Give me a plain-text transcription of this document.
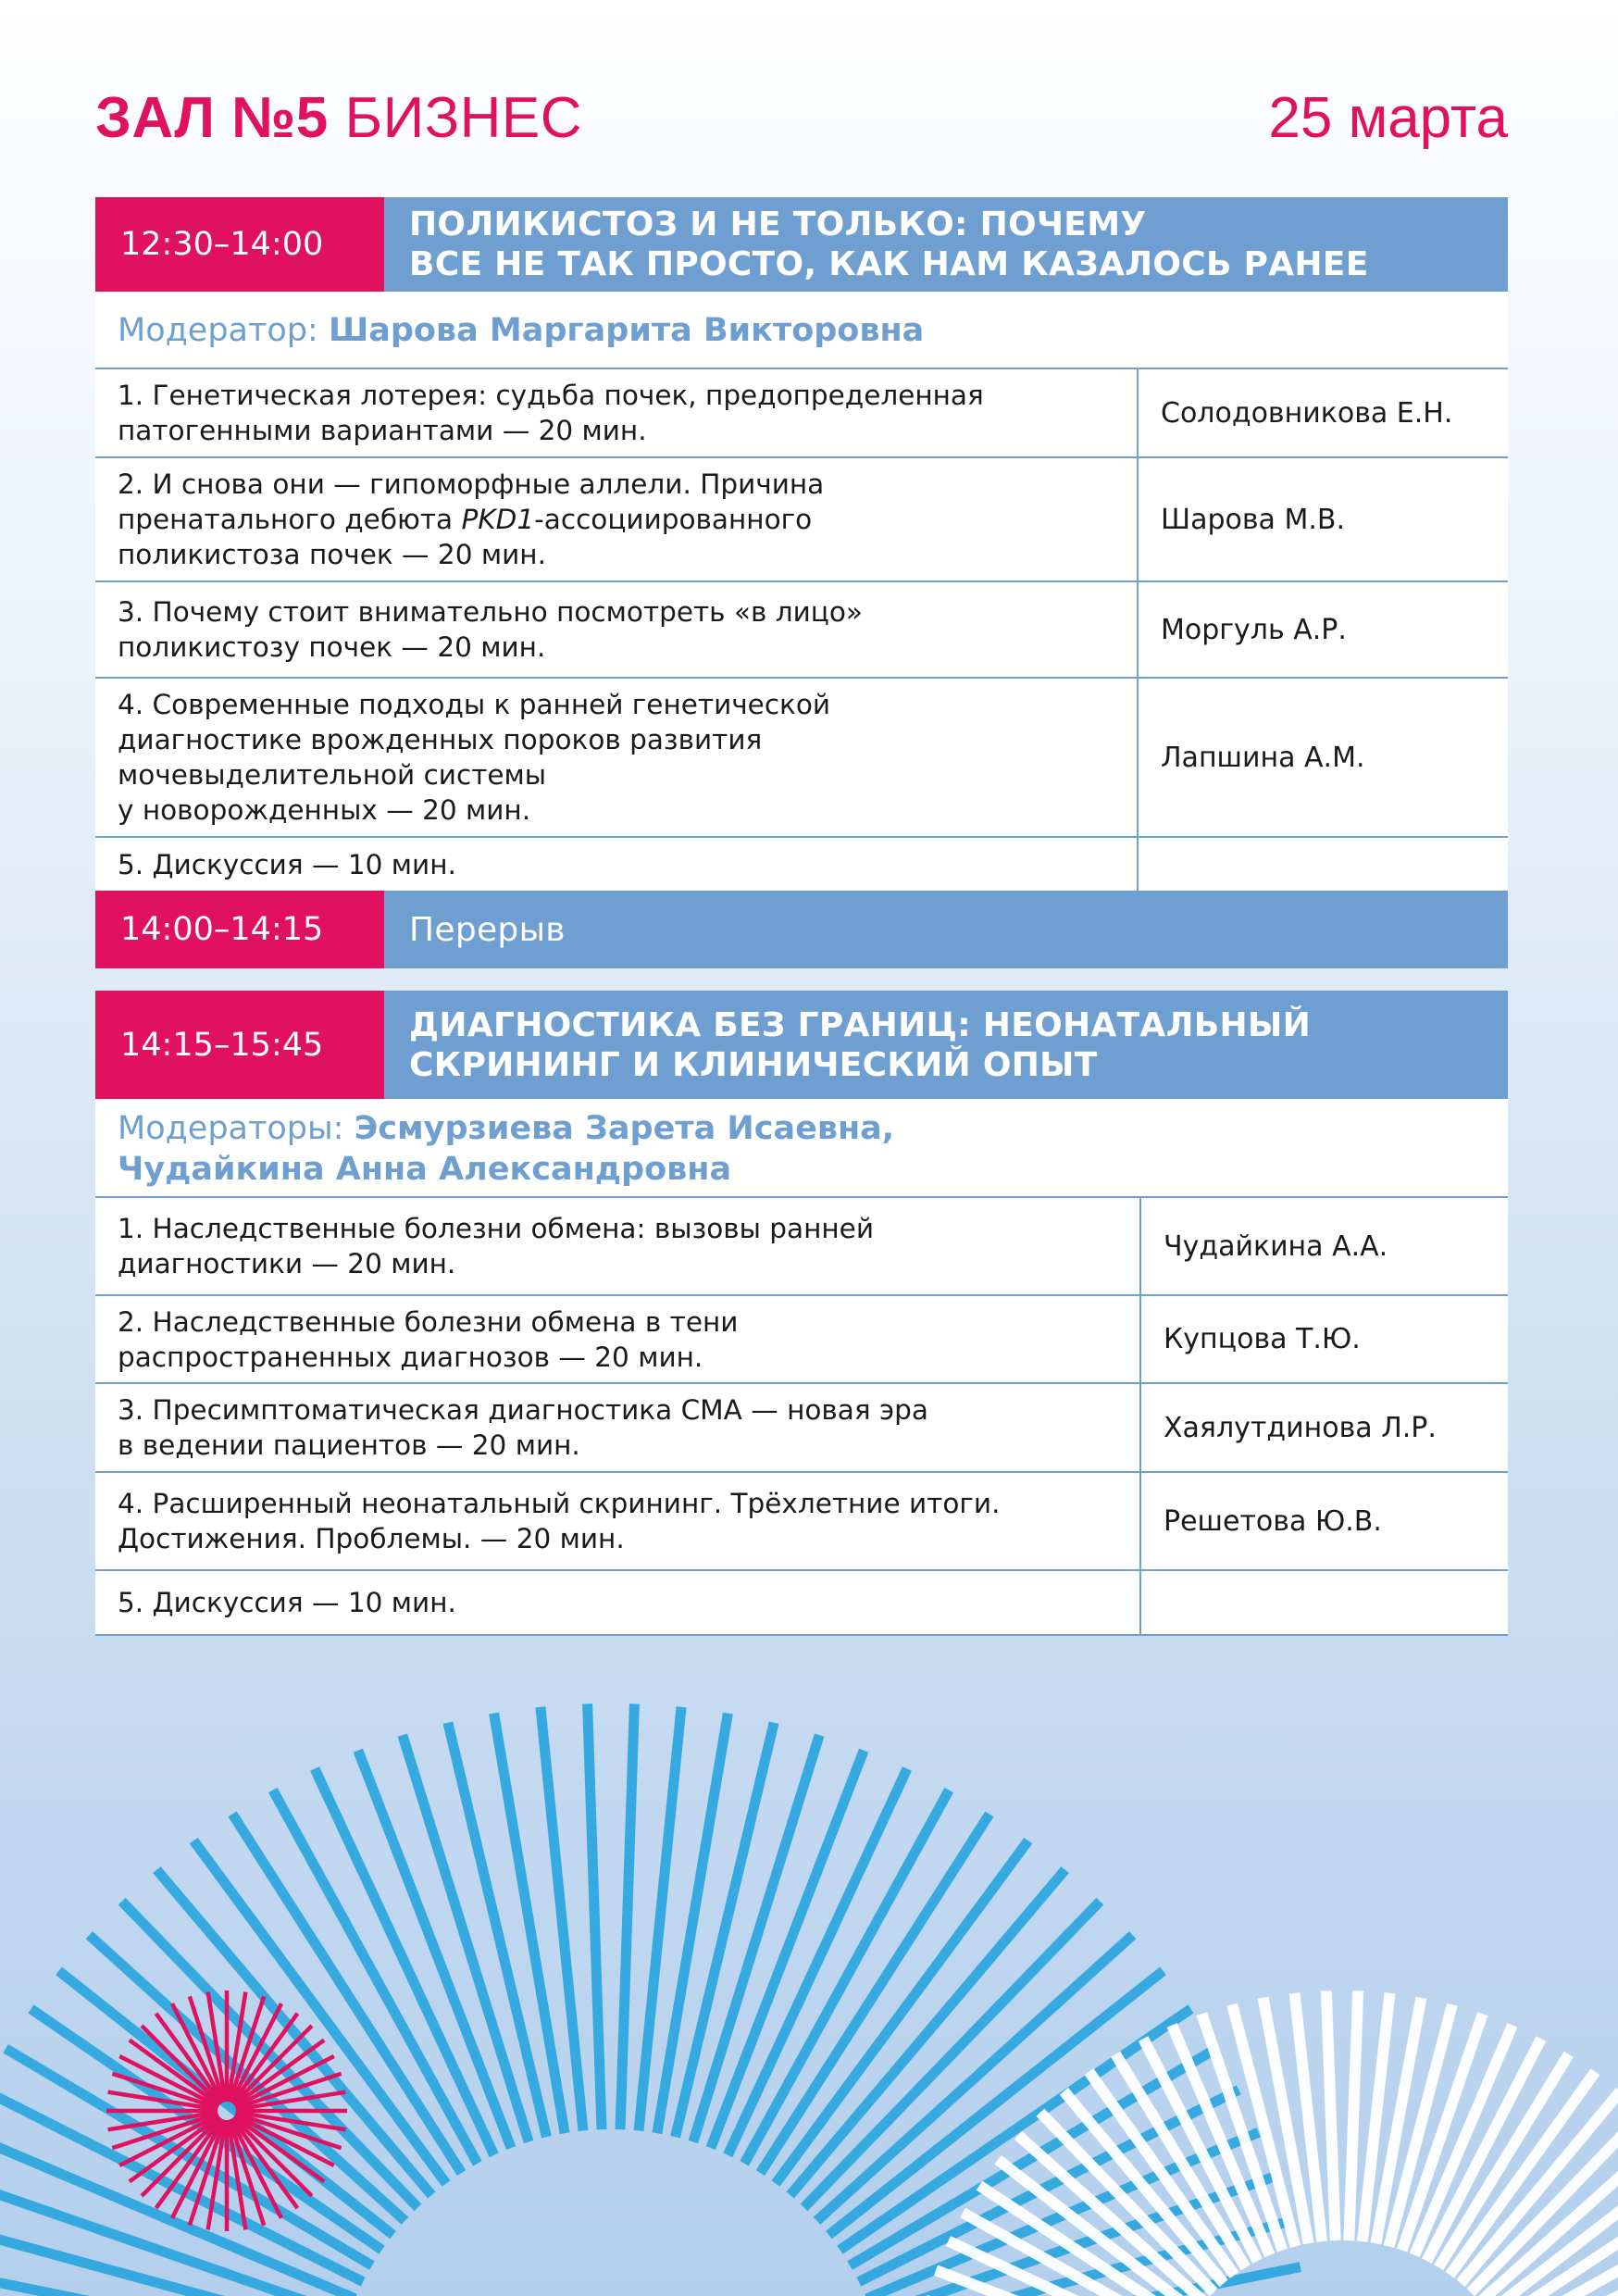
ЗАЛ №5 БИЗНЕС	25 марта
12:30–14:00
ПОЛИКИСТОЗ И НЕ ТОЛЬКО: ПОЧЕМУ
ВСЕ НЕ ТАК ПРОСТО, КАК НАМ КАЗАЛОСЬ РАНЕЕ
Модератор: Шарова Маргарита Викторовна
1. Генетическая лотерея: судьба почек, предопределенная
патогенными вариантами — 20 мин.
Солодовникова Е.Н.
2. И снова они — гипоморфные аллели. Причина
пренатального дебюта PKD1-ассоциированного
поликистоза почек — 20 мин.
Шарова М.В.
3. Почему стоит внимательно посмотреть «в лицо»
поликистозу почек — 20 мин.
Моргуль А.Р.
4. Современные подходы к ранней генетической
диагностике врожденных пороков развития
мочевыделительной системы
у новорожденных — 20 мин.
Лапшина А.М.
5. Дискуссия — 10 мин.
14:00–14:15	Перерыв
14:15–15:45
ДИАГНОСТИКА БЕЗ ГРАНИЦ: НЕОНАТАЛЬНЫЙ
СКРИНИНГ И КЛИНИЧЕСКИЙ ОПЫТ
Модераторы: Эсмурзиева Зарета Исаевна,
Чудайкина Анна Александровна
1. Наследственные болезни обмена: вызовы ранней
диагностики — 20 мин.
Чудайкина А.А.
2. Наследственные болезни обмена в тени
распространенных диагнозов — 20 мин.
Купцова Т.Ю.
3. Пресимптоматическая диагностика СМА — новая эра
в ведении пациентов — 20 мин.
Хаялутдинова Л.Р.
4. Расширенный неонатальный скрининг. Трёхлетние итоги.
Достижения. Проблемы. — 20 мин.
Решетова Ю.В.
5. Дискуссия — 10 мин.
